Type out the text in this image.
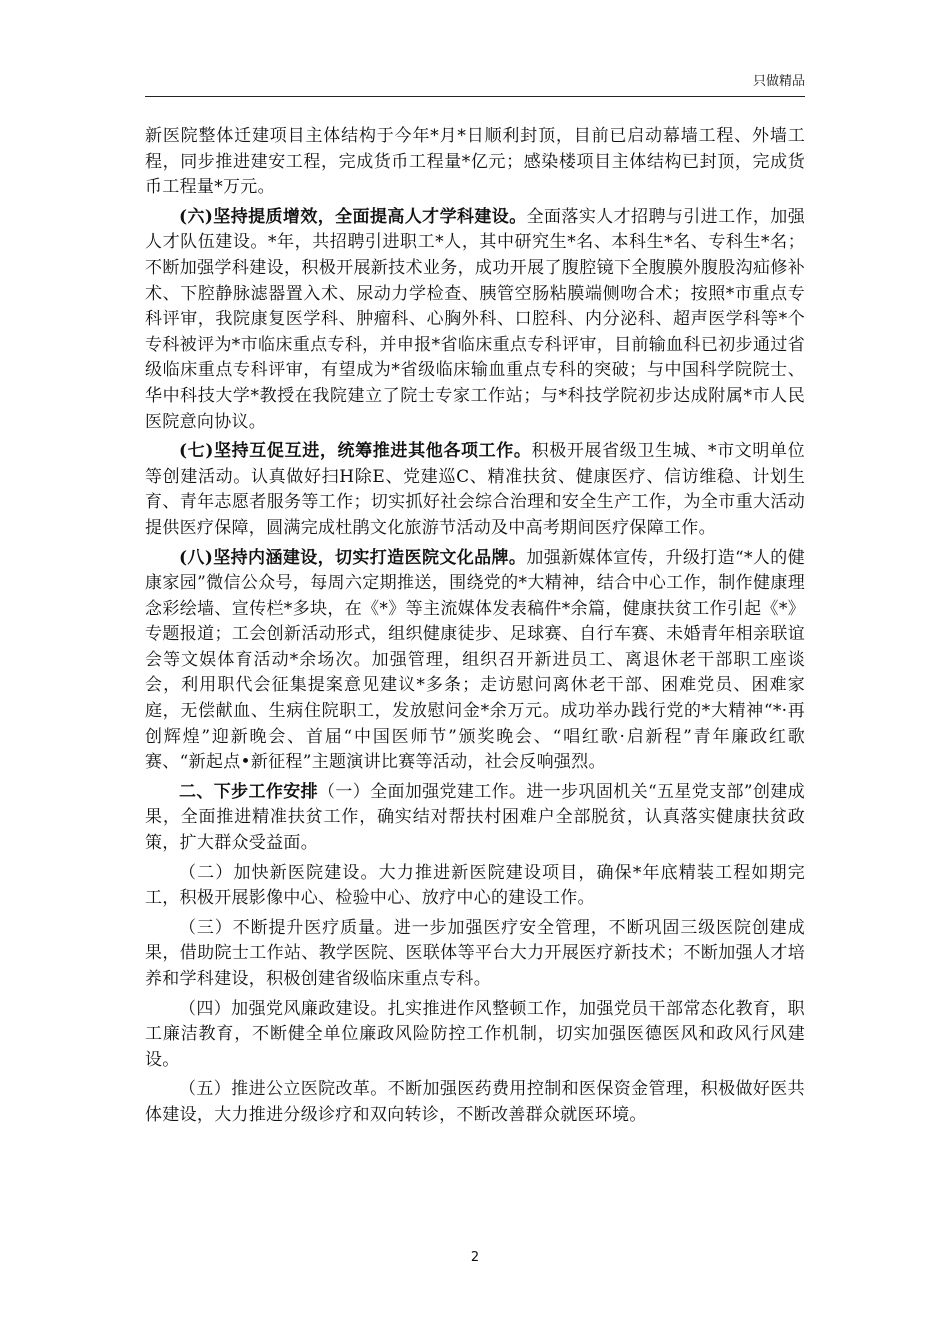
只做精品

新医院整体迁建项目主体结构于今年*月*日顺利封顶，目前已启动幕墙工程、外墙工程，同步推进建安工程，完成货币工程量*亿元；感染楼项目主体结构已封顶，完成货币工程量*万元。

(六)坚持提质增效，全面提高人才学科建设。全面落实人才招聘与引进工作，加强人才队伍建设。*年，共招聘引进职工*人，其中研究生*名、本科生*名、专科生*名；不断加强学科建设，积极开展新技术业务，成功开展了腹腔镜下全腹膜外腹股沟疝修补术、下腔静脉滤器置入术、尿动力学检查、胰管空肠粘膜端侧吻合术；按照*市重点专科评审，我院康复医学科、肿瘤科、心胸外科、口腔科、内分泌科、超声医学科等*个专科被评为*市临床重点专科，并申报*省临床重点专科评审，目前输血科已初步通过省级临床重点专科评审，有望成为*省级临床输血重点专科的突破；与中国科学院院士、华中科技大学*教授在我院建立了院士专家工作站；与*科技学院初步达成附属*市人民医院意向协议。

(七)坚持互促互进，统筹推进其他各项工作。积极开展省级卫生城、*市文明单位等创建活动。认真做好扫H除E、党建巡C、精准扶贫、健康医疗、信访维稳、计划生育、青年志愿者服务等工作；切实抓好社会综合治理和安全生产工作，为全市重大活动提供医疗保障，圆满完成杜鹃文化旅游节活动及中高考期间医疗保障工作。

(八)坚持内涵建设，切实打造医院文化品牌。加强新媒体宣传，升级打造“*人的健康家园”微信公众号，每周六定期推送，围绕党的*大精神，结合中心工作，制作健康理念彩绘墙、宣传栏*多块，在《*》等主流媒体发表稿件*余篇，健康扶贫工作引起《*》专题报道；工会创新活动形式，组织健康徒步、足球赛、自行车赛、未婚青年相亲联谊会等文娱体育活动*余场次。加强管理，组织召开新进员工、离退休老干部职工座谈会，利用职代会征集提案意见建议*多条；走访慰问离休老干部、困难党员、困难家庭，无偿献血、生病住院职工，发放慰问金*余万元。成功举办践行党的*大精神“*·再创辉煌”迎新晚会、首届“中国医师节”颁奖晚会、“唱红歌·启新程”青年廉政红歌赛、“新起点•新征程”主题演讲比赛等活动，社会反响强烈。

二、下步工作安排（一）全面加强党建工作。进一步巩固机关“五星党支部”创建成果，全面推进精准扶贫工作，确实结对帮扶村困难户全部脱贫，认真落实健康扶贫政策，扩大群众受益面。

（二）加快新医院建设。大力推进新医院建设项目，确保*年底精装工程如期完工，积极开展影像中心、检验中心、放疗中心的建设工作。

（三）不断提升医疗质量。进一步加强医疗安全管理，不断巩固三级医院创建成果，借助院士工作站、教学医院、医联体等平台大力开展医疗新技术；不断加强人才培养和学科建设，积极创建省级临床重点专科。

（四）加强党风廉政建设。扎实推进作风整顿工作，加强党员干部常态化教育，职工廉洁教育，不断健全单位廉政风险防控工作机制，切实加强医德医风和政风行风建设。

（五）推进公立医院改革。不断加强医药费用控制和医保资金管理，积极做好医共体建设，大力推进分级诊疗和双向转诊，不断改善群众就医环境。

2
